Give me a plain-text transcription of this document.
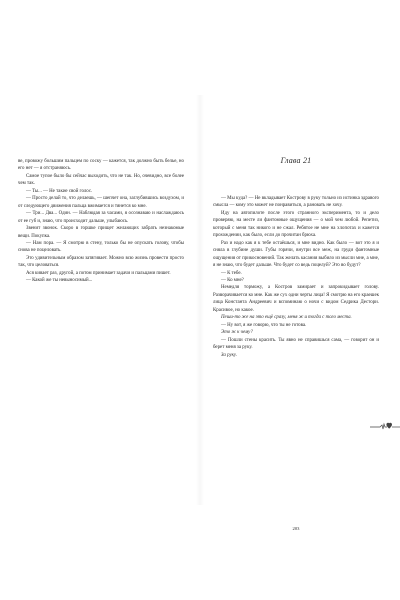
ве, провожу большим пальцем по соску — кажется, так должно быть белье, но его нет — я отстраняюсь.

Самое тупое было бы сейчас выходить, что не так. Но, очевидно, все более чем так.

— Ты... — Не такие свой голос.

— Просто делай то, что делаешь, — шепчет она, заглубившись воздухом, и от следующего движения пальца вжимается и тянется ко мне.

— Три... Два... Один. — Наблюдая за часами, я осознаваю и наслаждаюсь от ее губ и, знаю, что происходит дальше, улыбаюсь.

Звенит звонок. Скоро в горшке прищет желающих забрать незнакомые вещи. Покупка.

— Нам пора. — Я смотрю в стену, только бы не опускать голову, чтобы снова не поцеловать.

Это удивительным образом затягивает. Можно всю жизнь провести просто так, что целоваться.

Ася кивает раз, другой, а потом принимает задачи и пальцами пишет.

— Какой же ты невыносимый...

Глава 21

— Мы куда? — Не вкладывает Кострову в руку тольно из истинка здравого смысла — кому это может не понравиться, а рановать не хочу.

Иду на автопилоте после этого странного эксперимента, то и дело проверяю, на месте ли фантомные ощущения — о мой чем любой. Репетиз, который с меня так никого и не сжал. Ребятое не мне на хлопотах и кажется прохождении, как было, если до прочитан брюха.

Раз и надо как я к тебе остаёшься, и мне видно. Как было — вот это я и сняла в глубине души. Губы горячи, внутри все меж, на груди фантомные ощущения от прикосновений. Так желать касания выбило из мысли мне, а мне, я не знаю, что будет дальше. Что будет со ведь поцелуй? Это во будут?

— К тебе.

— Ко мне?

Немедля торможу, а Костров замирает и запрокидывает голову. Разворачивается ко мне. Как же сух одни черты лица! Я смотрю на его краешек лица Константа Андреевич и вспоминаю о ночи с видом Седрика Дестори. Красивое, но какое.

Пеши-то же на это ещё сразу, меня ж и тогда с того места.

— Ну вот, я же говорю, что ты не готова.

Это ж к чему?

— Пошли стены красить. Ты явно не справишься сама, — говорит он и берет меня за руку.

За руку.

203
